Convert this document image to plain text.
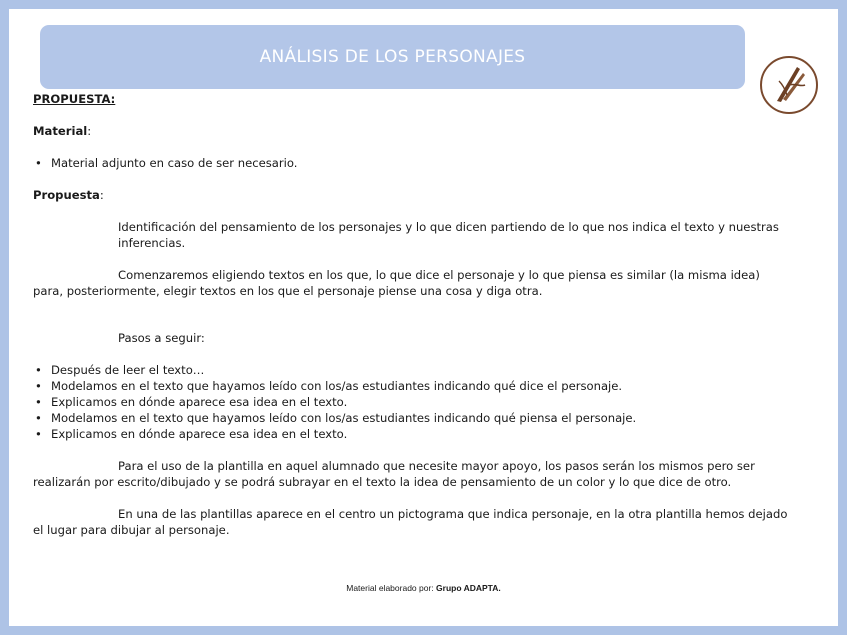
ANÁLISIS DE LOS PERSONAJES

PROPUESTA:

Material:

• Material adjunto en caso de ser necesario.

Propuesta:

Identificación del pensamiento de los personajes y lo que dicen partiendo de lo que nos indica el texto y nuestras inferencias.

Comenzaremos eligiendo textos en los que, lo que dice el personaje y lo que piensa es similar (la misma idea) para, posteriormente, elegir textos en los que el personaje piense una cosa y diga otra.

Pasos a seguir:

• Después de leer el texto…
• Modelamos en el texto que hayamos leído con los/as estudiantes indicando qué dice el personaje.
• Explicamos en dónde aparece esa idea en el texto.
• Modelamos en el texto que hayamos leído con los/as estudiantes indicando qué piensa el personaje.
• Explicamos en dónde aparece esa idea en el texto.

Para el uso de la plantilla en aquel alumnado que necesite mayor apoyo, los pasos serán los mismos pero ser realizarán por escrito/dibujado y se podrá subrayar en el texto la idea de pensamiento de un color y lo que dice de otro.

En una de las plantillas aparece en el centro un pictograma que indica personaje, en la otra plantilla hemos dejado el lugar para dibujar al personaje.

Material elaborado por: Grupo ADAPTA.
